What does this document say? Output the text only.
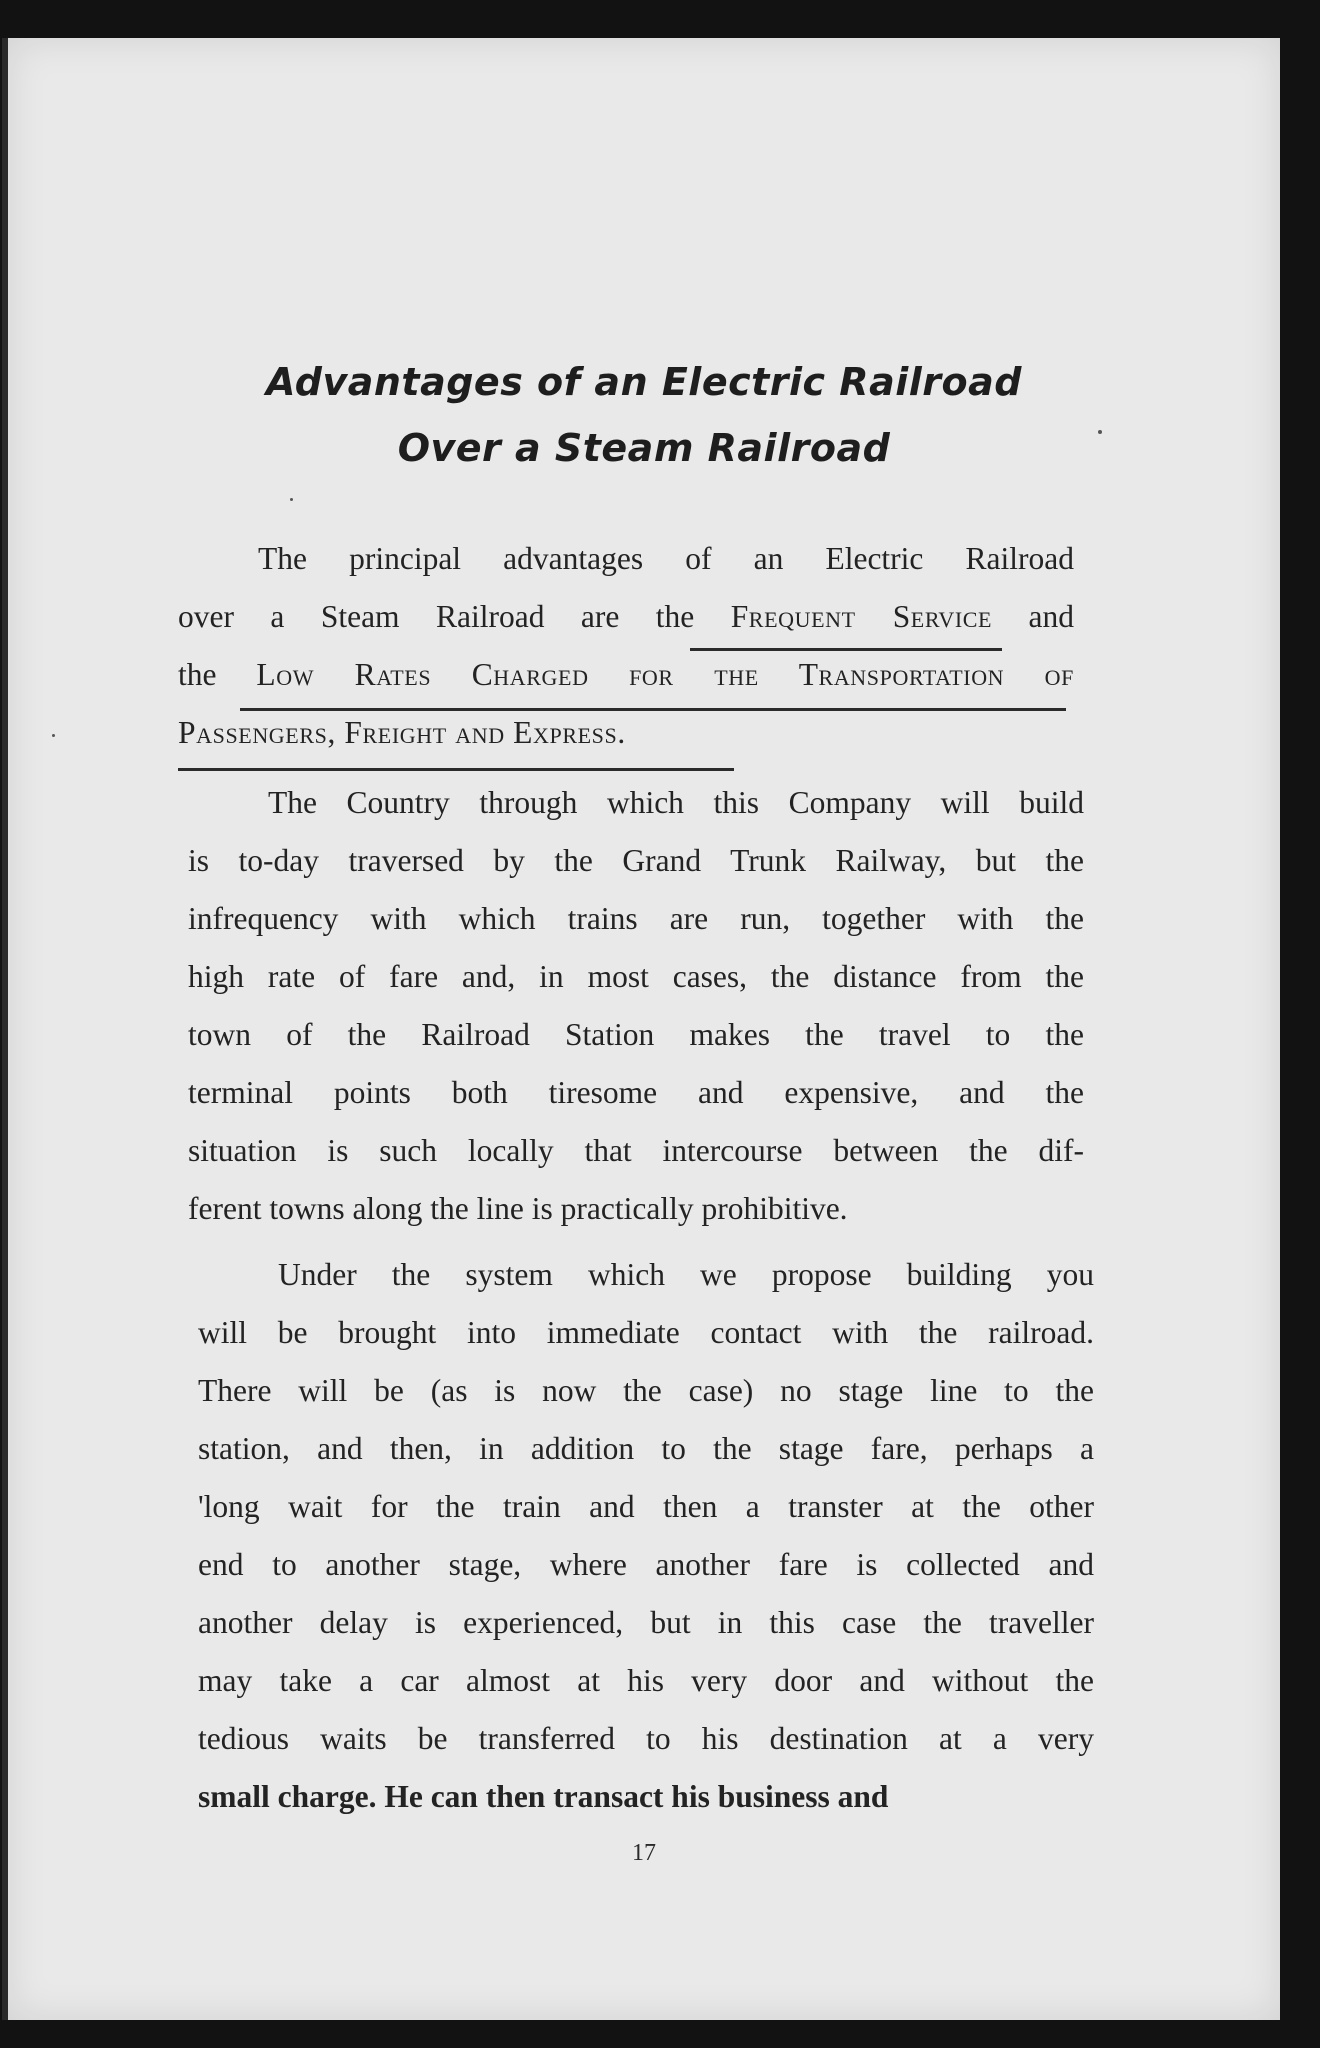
Advantages of an Electric Railroad
Over a Steam Railroad
The principal advantages of an Electric Railroad
over a Steam Railroad are the Frequent Service and
the Low Rates Charged for the Transportation of
Passengers, Freight and Express.
The Country through which this Company will build
is to-day traversed by the Grand Trunk Railway, but the
infrequency with which trains are run, together with the
high rate of fare and, in most cases, the distance from the
town of the Railroad Station makes the travel to the
terminal points both tiresome and expensive, and the
situation is such locally that intercourse between the dif-
ferent towns along the line is practically prohibitive.
Under the system which we propose building you
will be brought into immediate contact with the railroad.
There will be (as is now the case) no stage line to the
station, and then, in addition to the stage fare, perhaps a
'long wait for the train and then a transter at the other
end to another stage, where another fare is collected and
another delay is experienced, but in this case the traveller
may take a car almost at his very door and without the
tedious waits be transferred to his destination at a very
small charge. He can then transact his business and
17
